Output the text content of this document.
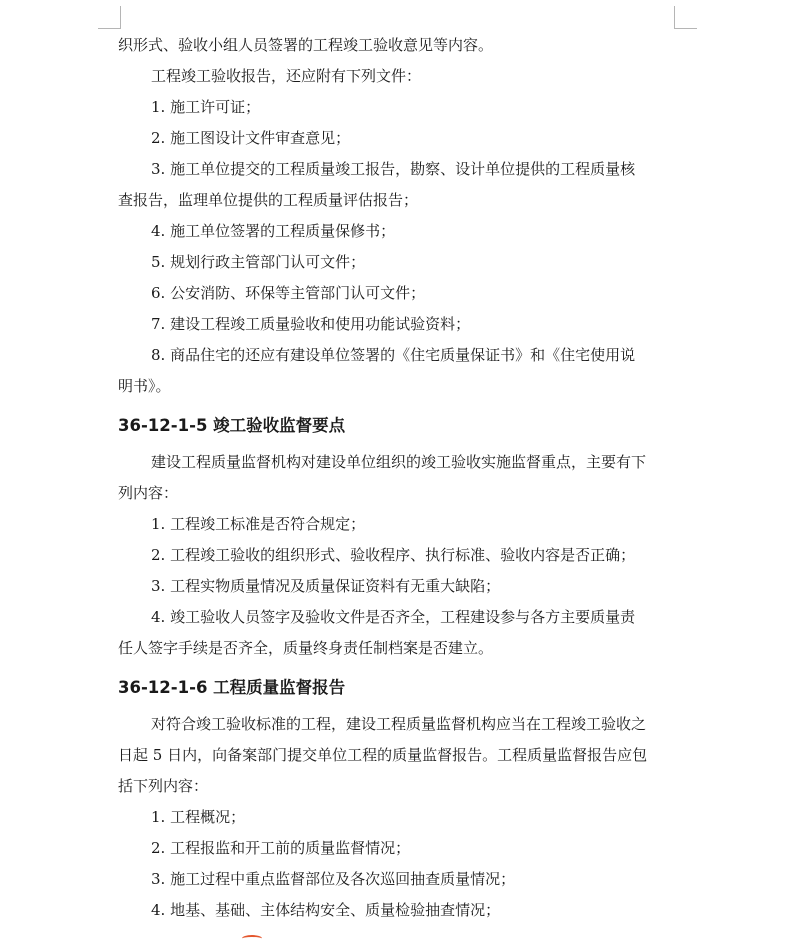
织形式、验收小组人员签署的工程竣工验收意见等内容。
工程竣工验收报告，还应附有下列文件：
1. 施工许可证；
2. 施工图设计文件审查意见；
3. 施工单位提交的工程质量竣工报告，勘察、设计单位提供的工程质量核
查报告，监理单位提供的工程质量评估报告；
4. 施工单位签署的工程质量保修书；
5. 规划行政主管部门认可文件；
6. 公安消防、环保等主管部门认可文件；
7. 建设工程竣工质量验收和使用功能试验资料；
8. 商品住宅的还应有建设单位签署的《住宅质量保证书》和《住宅使用说
明书》。
36-12-1-5 竣工验收监督要点
建设工程质量监督机构对建设单位组织的竣工验收实施监督重点，主要有下
列内容：
1. 工程竣工标准是否符合规定；
2. 工程竣工验收的组织形式、验收程序、执行标准、验收内容是否正确；
3. 工程实物质量情况及质量保证资料有无重大缺陷；
4. 竣工验收人员签字及验收文件是否齐全，工程建设参与各方主要质量责
任人签字手续是否齐全，质量终身责任制档案是否建立。
36-12-1-6 工程质量监督报告
对符合竣工验收标准的工程，建设工程质量监督机构应当在工程竣工验收之
日起 5 日内，向备案部门提交单位工程的质量监督报告。工程质量监督报告应包
括下列内容：
1. 工程概况；
2. 工程报监和开工前的质量监督情况；
3. 施工过程中重点监督部位及各次巡回抽查质量情况；
4. 地基、基础、主体结构安全、质量检验抽查情况；
